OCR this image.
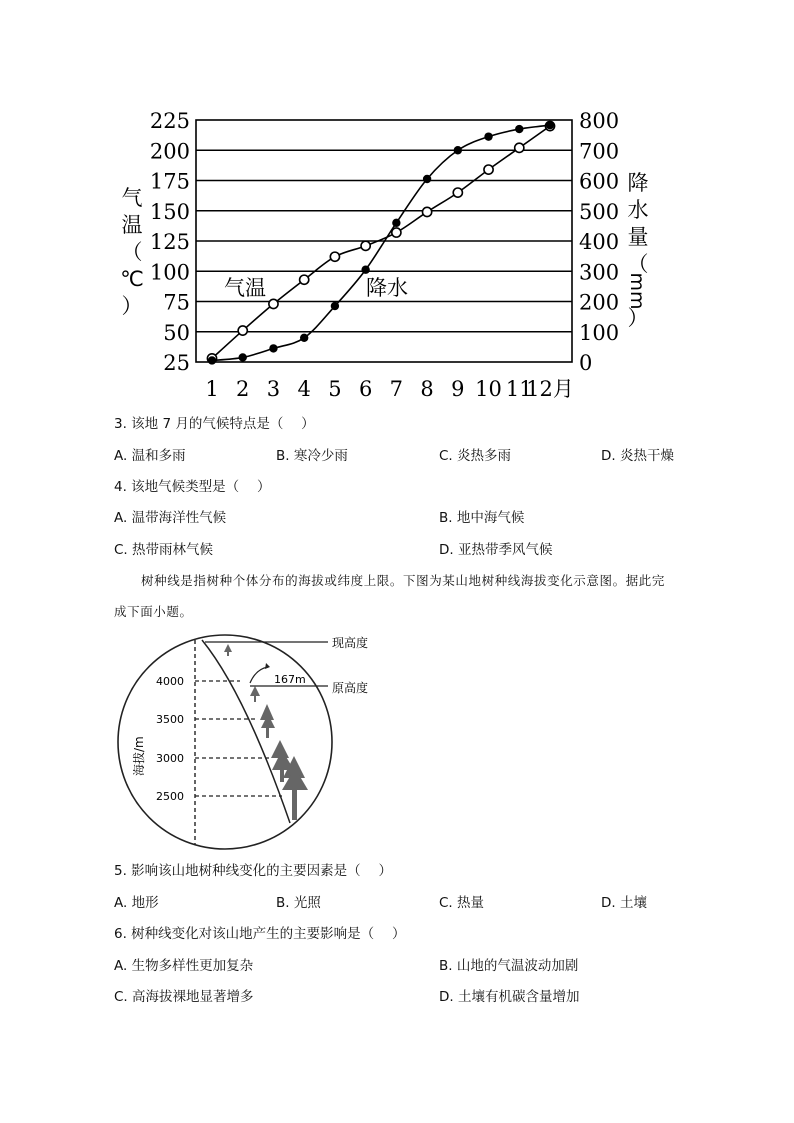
25
50
75
100
125
150
175
200
225
0
100
200
300
400
500
600
700
800
1 2 3 4 5 6 7 8 9 10 11
12月
气
温
（
℃
）
降
水
量
（
mm
）
气温	降水
3. 该地 7 月的气候特点是（　 ）
A. 温和多雨	B. 寒冷少雨	C. 炎热多雨	D. 炎热干燥
4. 该地气候类型是（　 ）
A. 温带海洋性气候	B. 地中海气候
C. 热带雨林气候	D. 亚热带季风气候
树种线是指树种个体分布的海拔或纬度上限。下图为某山地树种线海拔变化示意图。据此完
成下面小题。
现高度
原高度
167m
4000
3500
3000
2500
海拔/m
5. 影响该山地树种线变化的主要因素是（　 ）
A. 地形	B. 光照	C. 热量	D. 土壤
6. 树种线变化对该山地产生的主要影响是（　 ）
A. 生物多样性更加复杂	B. 山地的气温波动加剧
C. 高海拔裸地显著增多	D. 土壤有机碳含量增加
